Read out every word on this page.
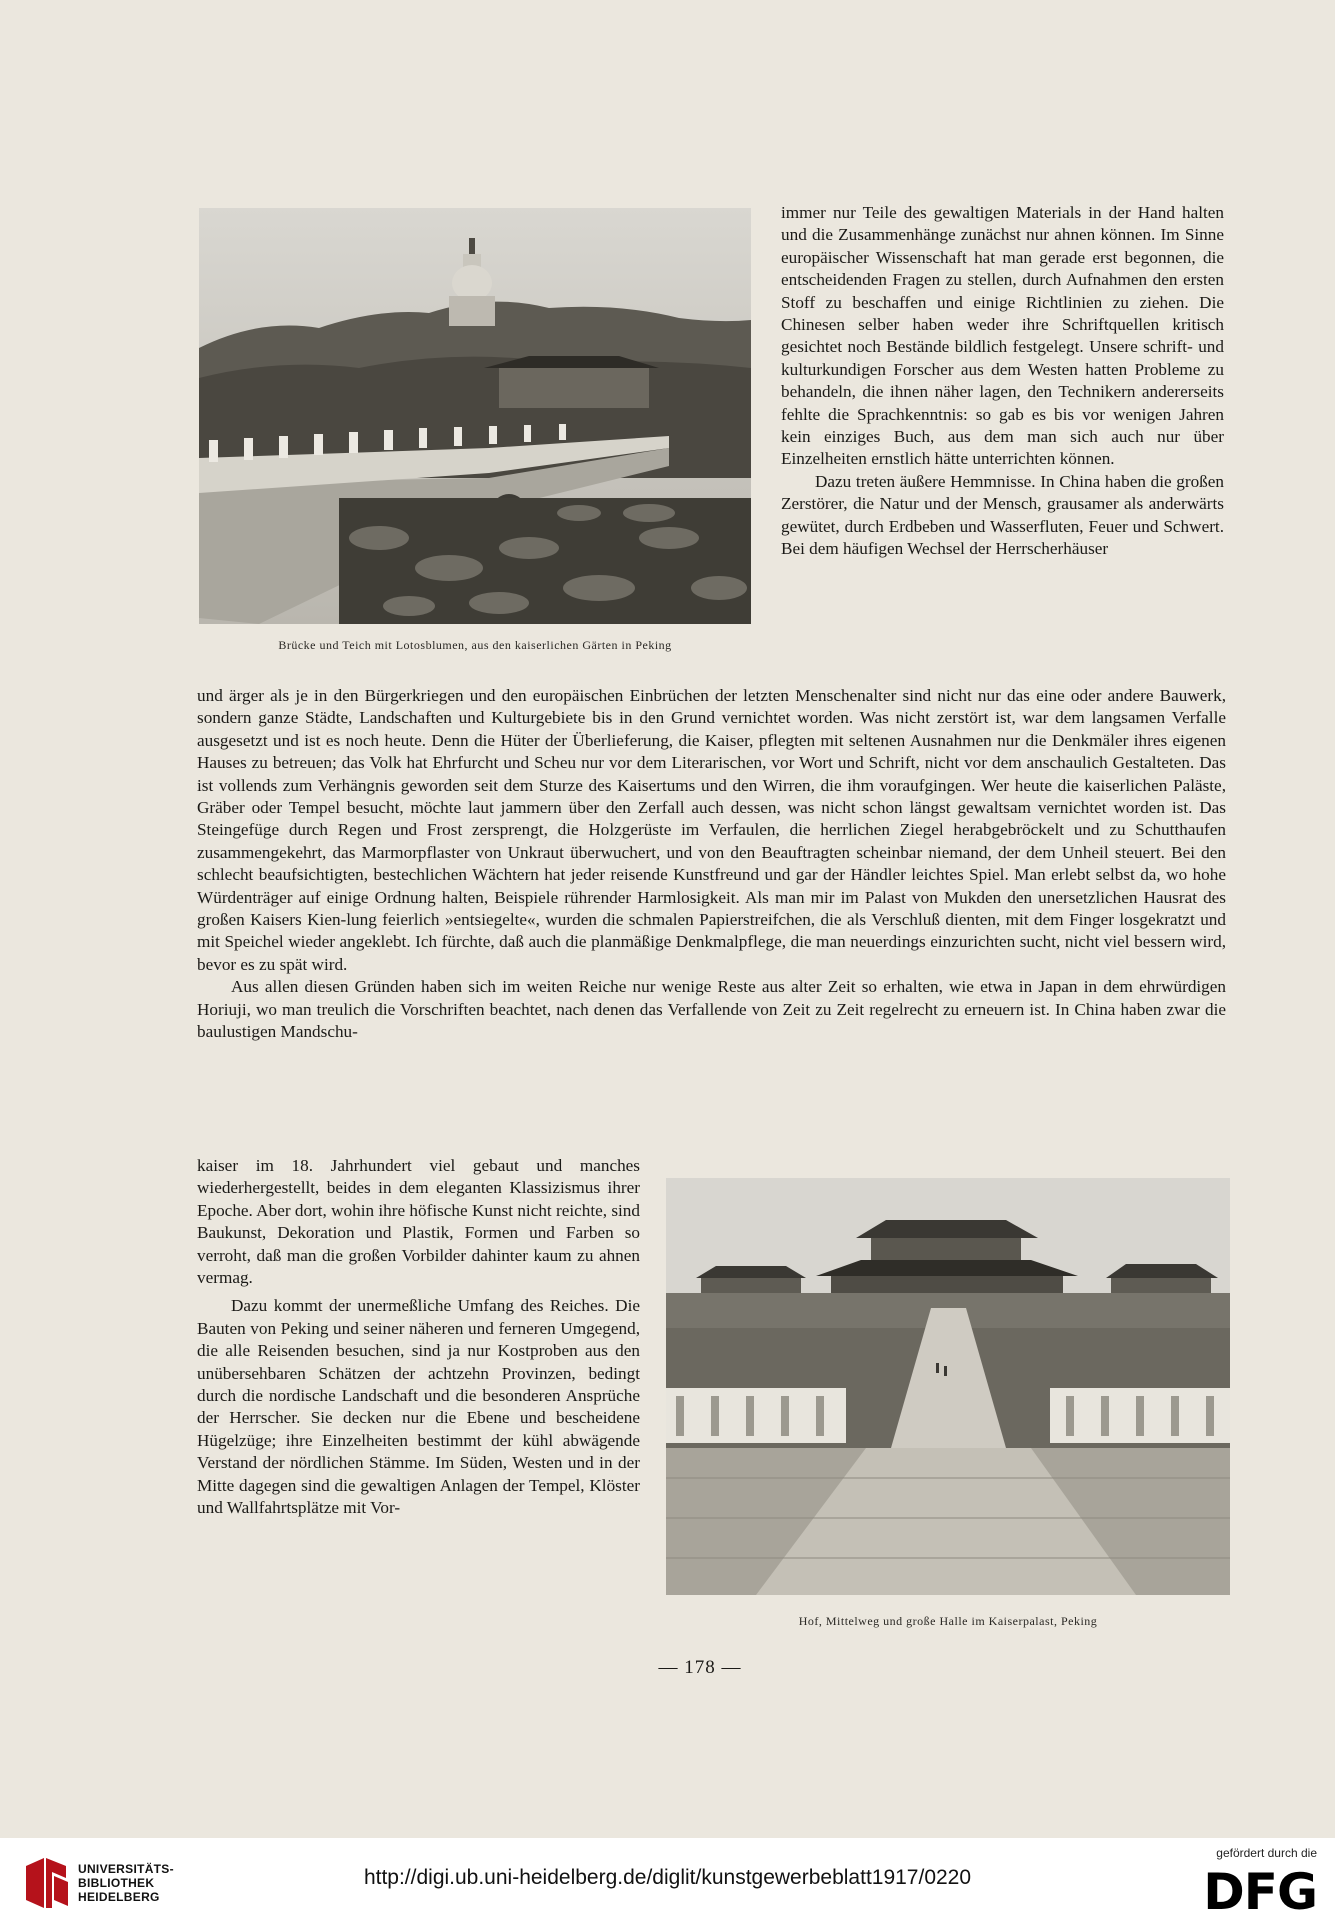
Brücke und Teich mit Lotosblumen, aus den kaiserlichen Gärten in Peking

immer nur Teile des gewaltigen Materials in der Hand halten und die Zusammenhänge zunächst nur ahnen können. Im Sinne europäischer Wissenschaft hat man gerade erst begonnen, die entscheidenden Fragen zu stellen, durch Aufnahmen den ersten Stoff zu beschaffen und einige Richtlinien zu ziehen. Die Chinesen selber haben weder ihre Schriftquellen kritisch gesichtet noch Bestände bildlich festgelegt. Unsere schrift- und kulturkundigen Forscher aus dem Westen hatten Probleme zu behandeln, die ihnen näher lagen, den Technikern andererseits fehlte die Sprachkenntnis: so gab es bis vor wenigen Jahren kein einziges Buch, aus dem man sich auch nur über Einzelheiten ernstlich hätte unterrichten können.

Dazu treten äußere Hemmnisse. In China haben die großen Zerstörer, die Natur und der Mensch, grausamer als anderwärts gewütet, durch Erdbeben und Wasserfluten, Feuer und Schwert. Bei dem häufigen Wechsel der Herrscherhäuser

und ärger als je in den Bürgerkriegen und den europäischen Einbrüchen der letzten Menschenalter sind nicht nur das eine oder andere Bauwerk, sondern ganze Städte, Landschaften und Kulturgebiete bis in den Grund vernichtet worden. Was nicht zerstört ist, war dem langsamen Verfalle ausgesetzt und ist es noch heute. Denn die Hüter der Überlieferung, die Kaiser, pflegten mit seltenen Ausnahmen nur die Denkmäler ihres eigenen Hauses zu betreuen; das Volk hat Ehrfurcht und Scheu nur vor dem Literarischen, vor Wort und Schrift, nicht vor dem anschaulich Gestalteten. Das ist vollends zum Verhängnis geworden seit dem Sturze des Kaisertums und den Wirren, die ihm voraufgingen. Wer heute die kaiserlichen Paläste, Gräber oder Tempel besucht, möchte laut jammern über den Zerfall auch dessen, was nicht schon längst gewaltsam vernichtet worden ist. Das Steingefüge durch Regen und Frost zersprengt, die Holzgerüste im Verfaulen, die herrlichen Ziegel herabgebröckelt und zu Schutthaufen zusammengekehrt, das Marmorpflaster von Unkraut überwuchert, und von den Beauftragten scheinbar niemand, der dem Unheil steuert. Bei den schlecht beaufsichtigten, bestechlichen Wächtern hat jeder reisende Kunstfreund und gar der Händler leichtes Spiel. Man erlebt selbst da, wo hohe Würdenträger auf einige Ordnung halten, Beispiele rührender Harmlosigkeit. Als man mir im Palast von Mukden den unersetzlichen Hausrat des großen Kaisers Kien-lung feierlich »entsiegelte«, wurden die schmalen Papierstreifchen, die als Verschluß dienten, mit dem Finger losgekratzt und mit Speichel wieder angeklebt. Ich fürchte, daß auch die planmäßige Denkmalpflege, die man neuerdings einzurichten sucht, nicht viel bessern wird, bevor es zu spät wird.

Aus allen diesen Gründen haben sich im weiten Reiche nur wenige Reste aus alter Zeit so erhalten, wie etwa in Japan in dem ehrwürdigen Horiuji, wo man treulich die Vorschriften beachtet, nach denen das Verfallende von Zeit zu Zeit regelrecht zu erneuern ist. In China haben zwar die baulustigen Mandschu-

kaiser im 18. Jahrhundert viel gebaut und manches wiederhergestellt, beides in dem eleganten Klassizismus ihrer Epoche. Aber dort, wohin ihre höfische Kunst nicht reichte, sind Baukunst, Dekoration und Plastik, Formen und Farben so verroht, daß man die großen Vorbilder dahinter kaum zu ahnen vermag.

Dazu kommt der unermeßliche Umfang des Reiches. Die Bauten von Peking und seiner näheren und ferneren Umgegend, die alle Reisenden besuchen, sind ja nur Kostproben aus den unübersehbaren Schätzen der achtzehn Provinzen, bedingt durch die nordische Landschaft und die besonderen Ansprüche der Herrscher. Sie decken nur die Ebene und bescheidene Hügelzüge; ihre Einzelheiten bestimmt der kühl abwägende Verstand der nördlichen Stämme. Im Süden, Westen und in der Mitte dagegen sind die gewaltigen Anlagen der Tempel, Klöster und Wallfahrtsplätze mit Vor-

Hof, Mittelweg und große Halle im Kaiserpalast, Peking
— 178 —
UNIVERSITÄTS-
BIBLIOTHEK
HEIDELBERG
http://digi.ub.uni-heidelberg.de/diglit/kunstgewerbeblatt1917/0220
gefördert durch die
DFG
